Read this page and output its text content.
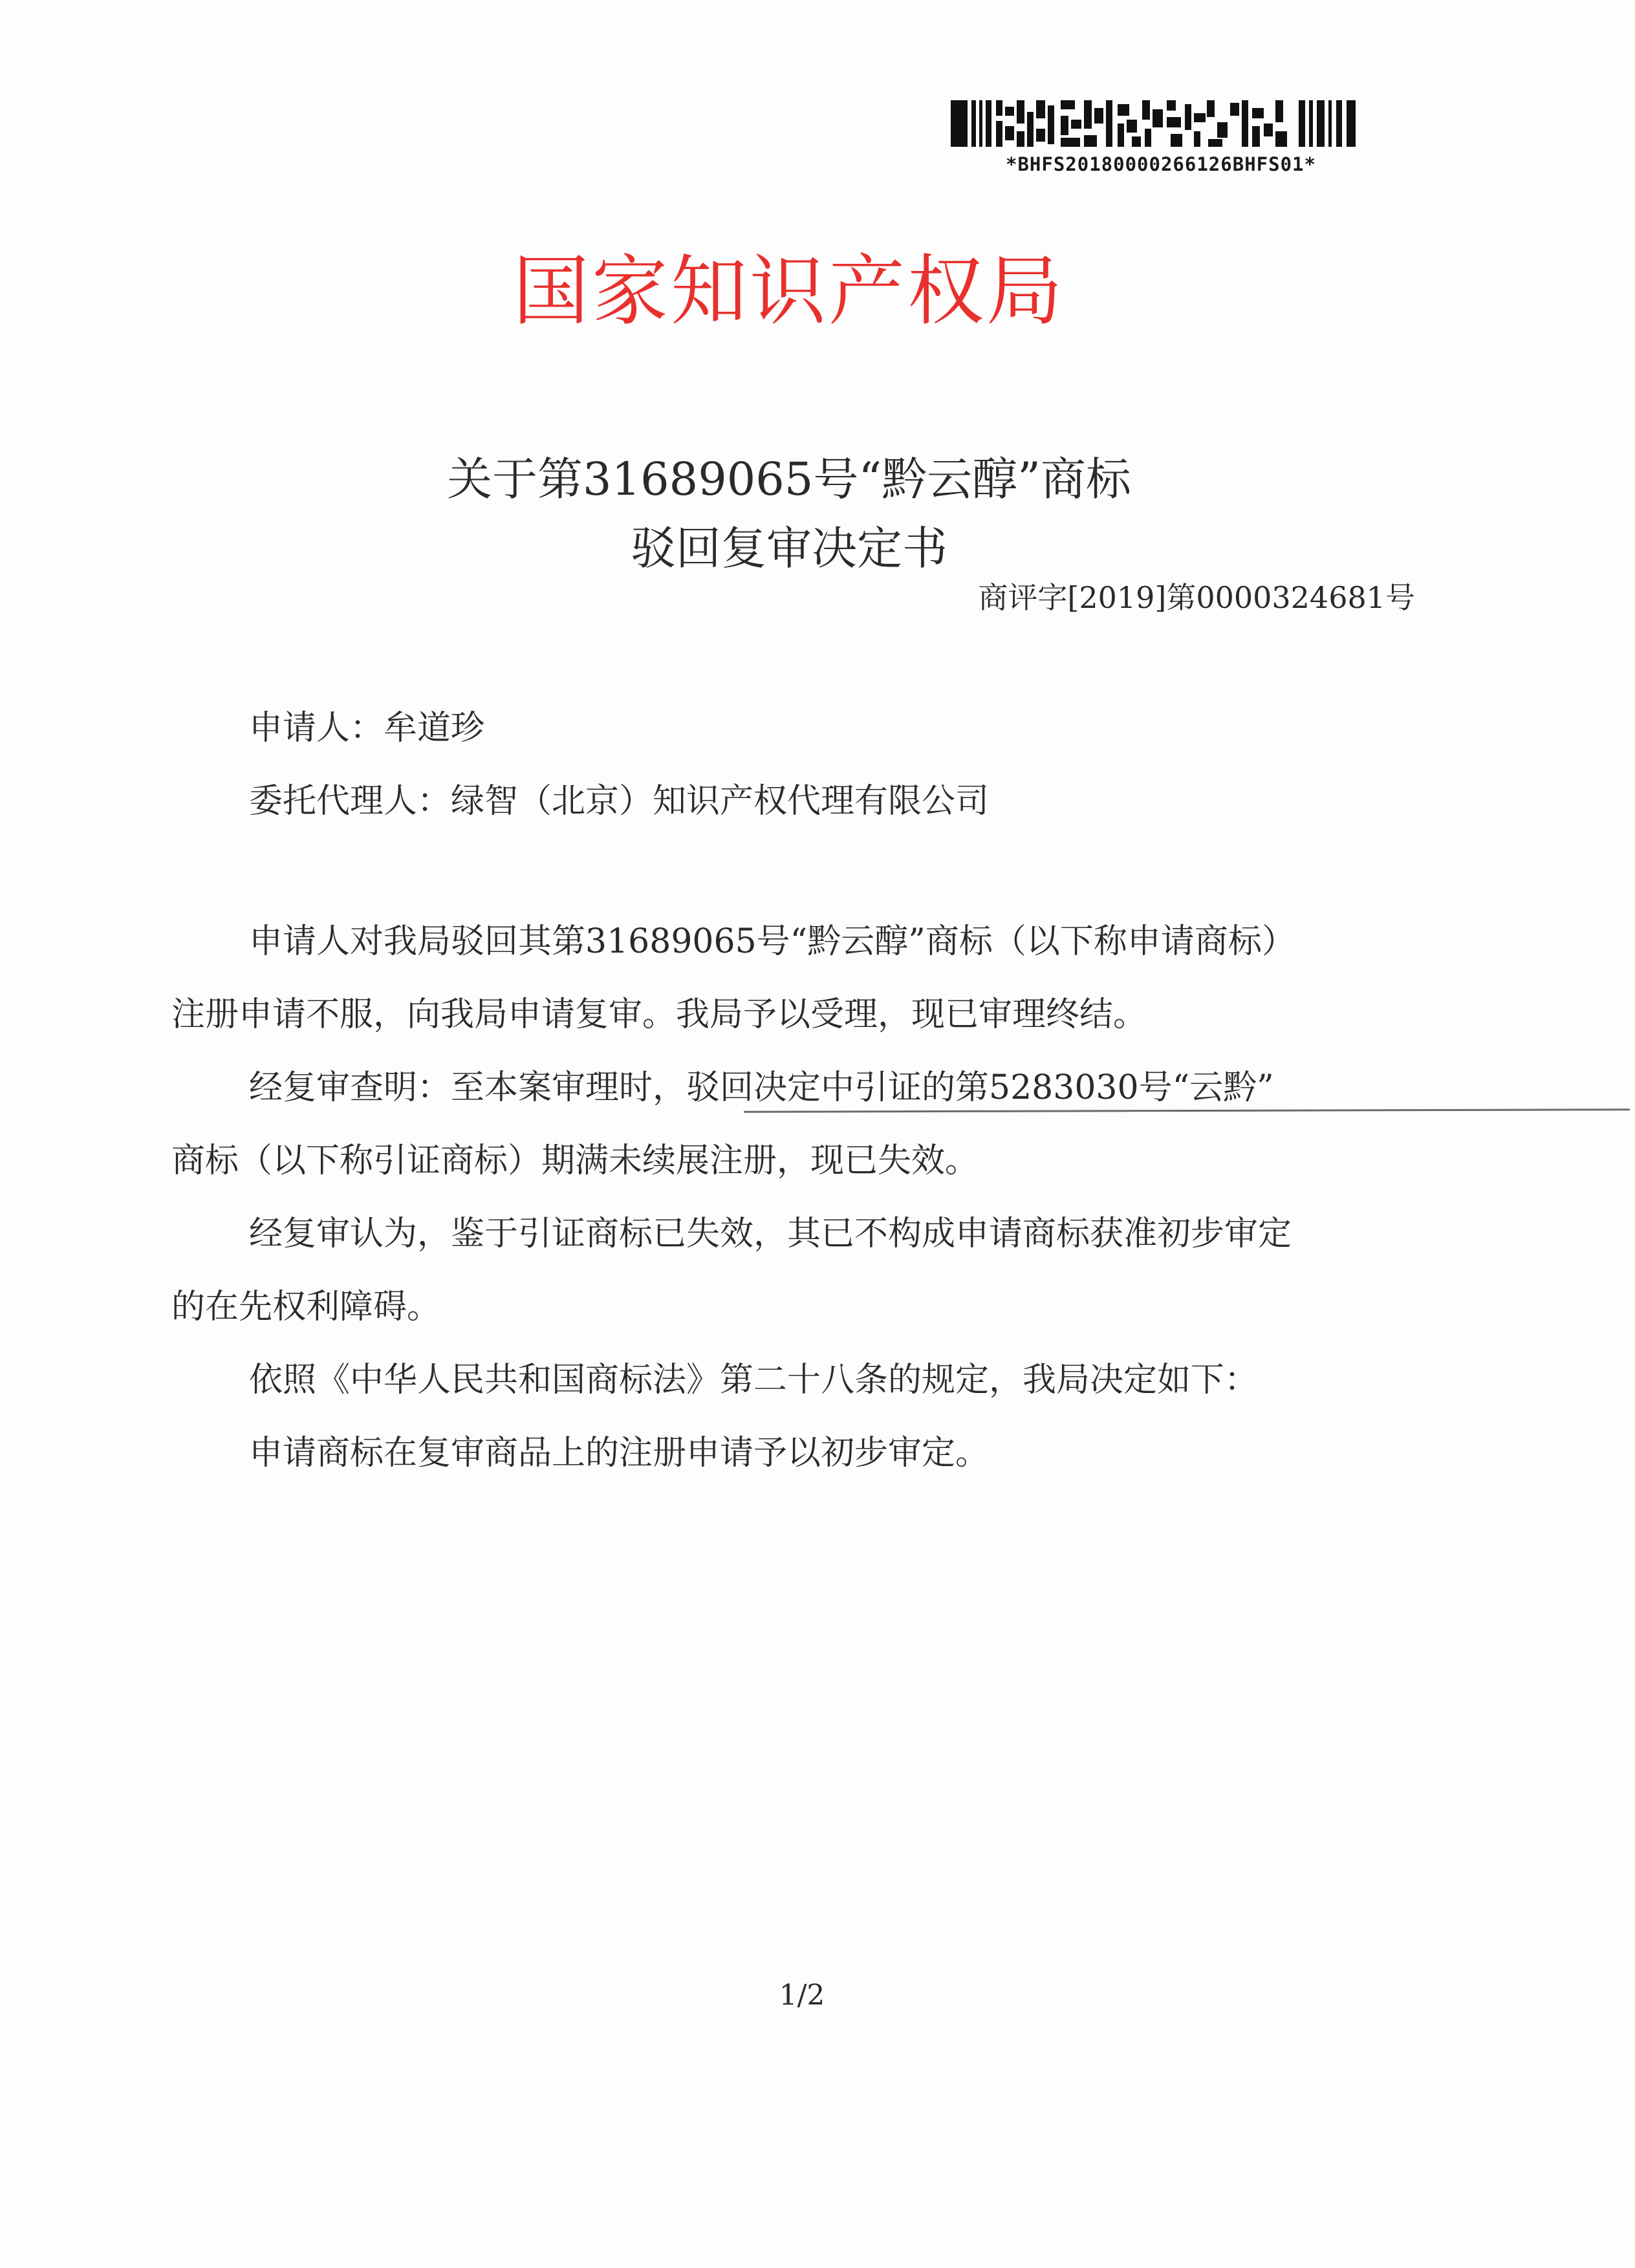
*BHFS20180000266126BHFS01*
国家知识产权局
关于第31689065号“黔云醇”商标
驳回复审决定书
商评字[2019]第0000324681号
申请人：牟道珍
委托代理人：绿智（北京）知识产权代理有限公司
申请人对我局驳回其第31689065号“黔云醇”商标（以下称申请商标）
注册申请不服，向我局申请复审。我局予以受理，现已审理终结。
经复审查明：至本案审理时，驳回决定中引证的第5283030号“云黔”
商标（以下称引证商标）期满未续展注册，现已失效。
经复审认为，鉴于引证商标已失效，其已不构成申请商标获准初步审定
的在先权利障碍。
依照《中华人民共和国商标法》第二十八条的规定，我局决定如下：
申请商标在复审商品上的注册申请予以初步审定。
1/2
